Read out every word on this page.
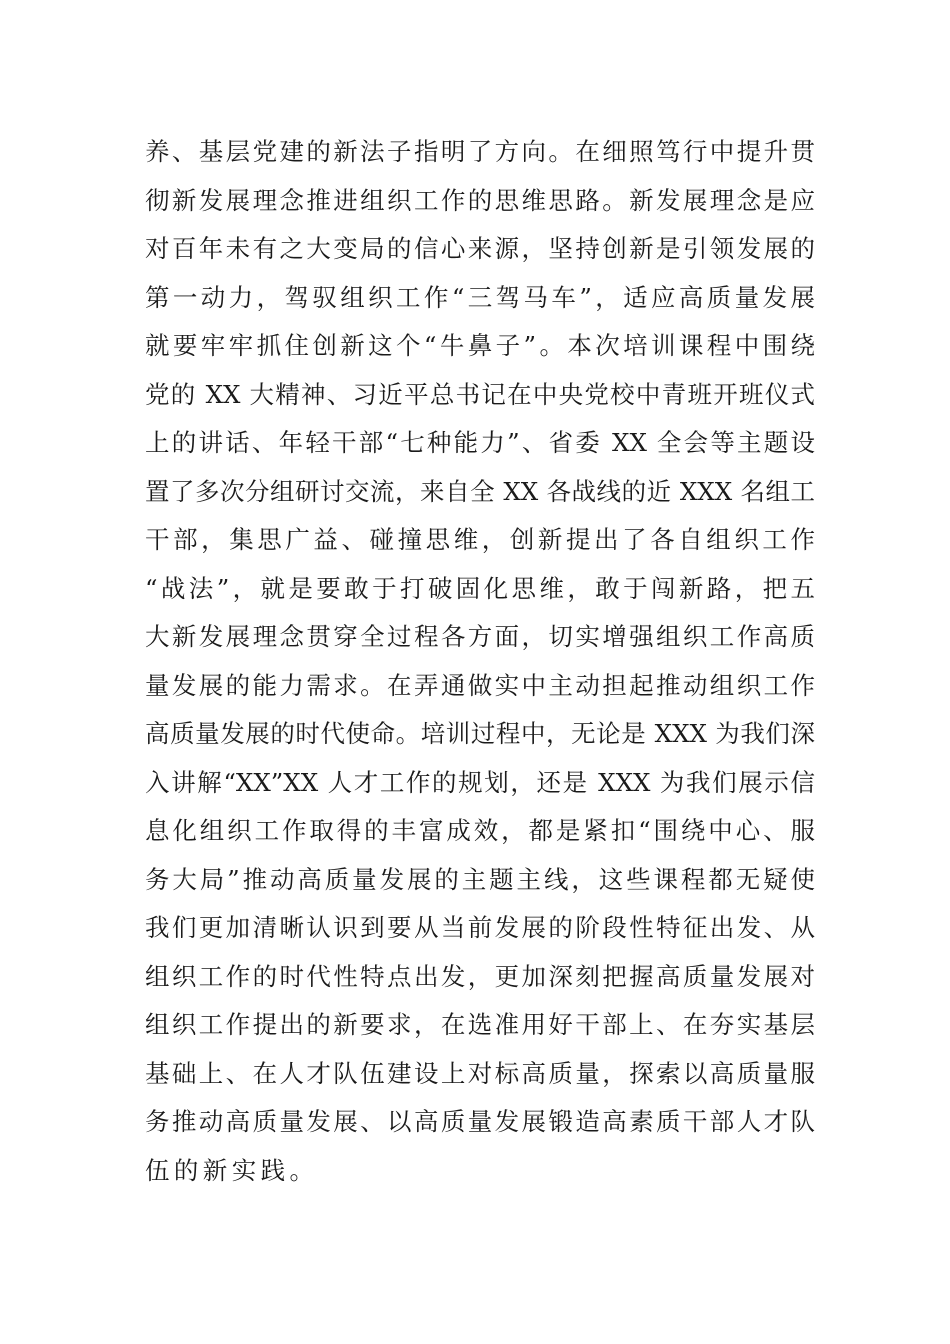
养、基层党建的新法子指明了方向。在细照笃行中提升贯
彻新发展理念推进组织工作的思维思路。新发展理念是应
对百年未有之大变局的信心来源，坚持创新是引领发展的
第一动力，驾驭组织工作“三驾马车”，适应高质量发展
就要牢牢抓住创新这个“牛鼻子”。本次培训课程中围绕
党的 XX 大精神、习近平总书记在中央党校中青班开班仪式
上的讲话、年轻干部“七种能力”、省委 XX 全会等主题设
置了多次分组研讨交流，来自全 XX 各战线的近 XXX 名组工
干部，集思广益、碰撞思维，创新提出了各自组织工作
“战法”，就是要敢于打破固化思维，敢于闯新路，把五
大新发展理念贯穿全过程各方面，切实增强组织工作高质
量发展的能力需求。在弄通做实中主动担起推动组织工作
高质量发展的时代使命。培训过程中，无论是 XXX 为我们深
入讲解“XX”XX 人才工作的规划，还是 XXX 为我们展示信
息化组织工作取得的丰富成效，都是紧扣“围绕中心、服
务大局”推动高质量发展的主题主线，这些课程都无疑使
我们更加清晰认识到要从当前发展的阶段性特征出发、从
组织工作的时代性特点出发，更加深刻把握高质量发展对
组织工作提出的新要求，在选准用好干部上、在夯实基层
基础上、在人才队伍建设上对标高质量，探索以高质量服
务推动高质量发展、以高质量发展锻造高素质干部人才队
伍的新实践。
